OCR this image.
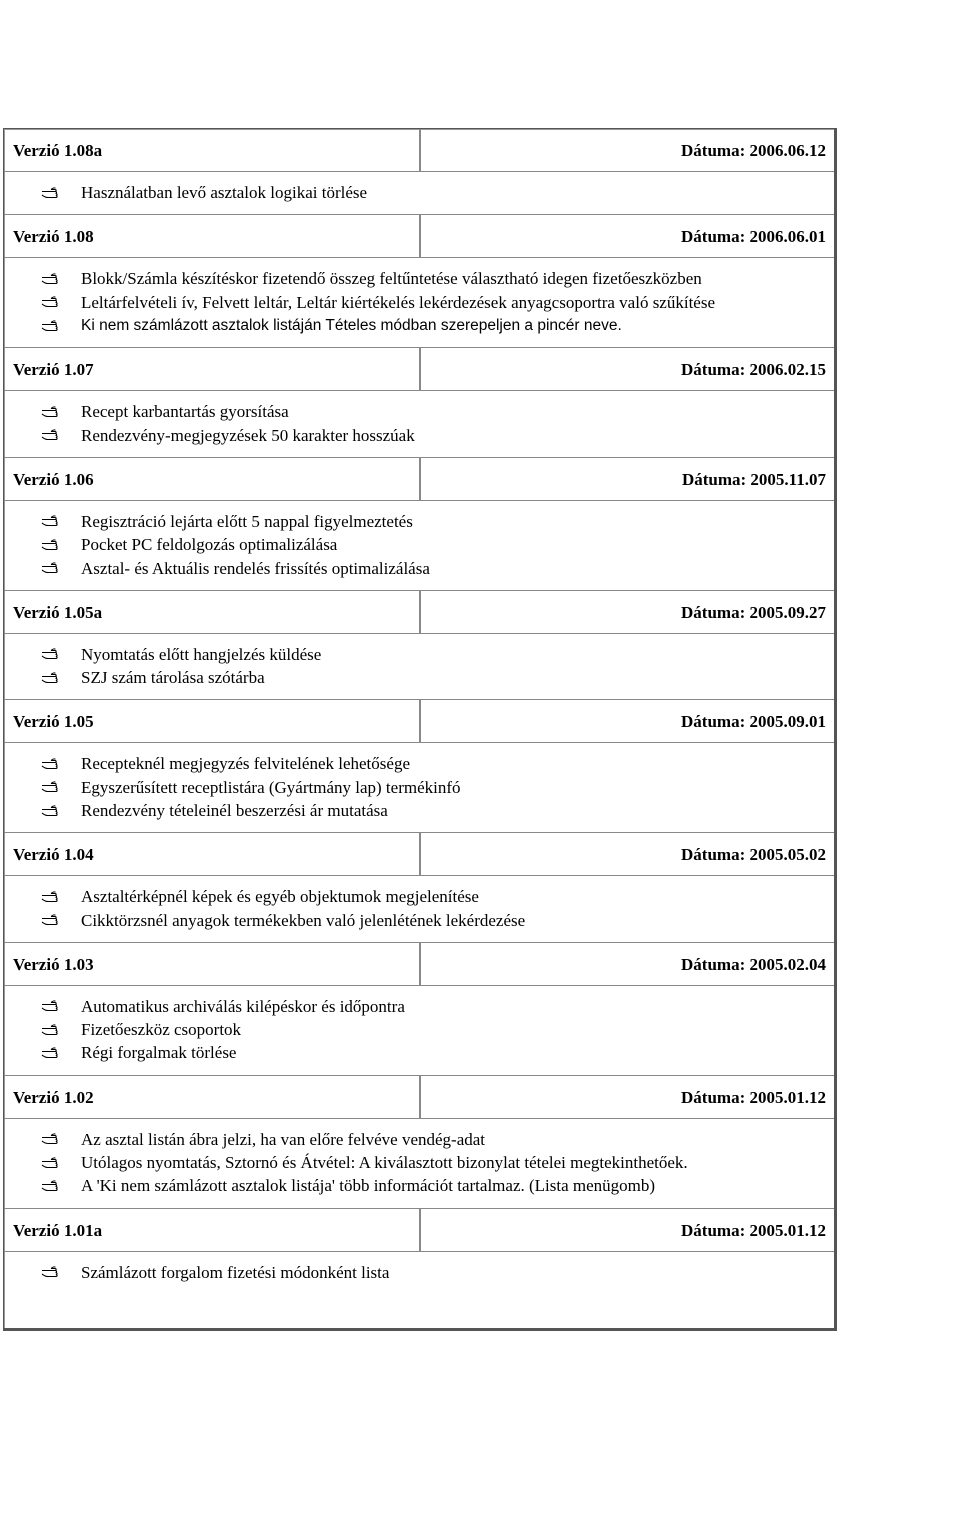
Verzió 1.08a	Dátuma: 2006.06.12
Használatban levő asztalok logikai törlése
Verzió 1.08	Dátuma: 2006.06.01
Blokk/Számla készítéskor fizetendő összeg feltűntetése választható idegen fizetőeszközben
Leltárfelvételi ív, Felvett leltár, Leltár kiértékelés lekérdezések anyagcsoportra való szűkítése
Ki nem számlázott asztalok listáján Tételes módban szerepeljen a pincér neve.
Verzió 1.07	Dátuma: 2006.02.15
Recept karbantartás gyorsítása
Rendezvény-megjegyzések 50 karakter hosszúak
Verzió 1.06	Dátuma: 2005.11.07
Regisztráció lejárta előtt 5 nappal figyelmeztetés
Pocket PC feldolgozás optimalizálása
Asztal- és Aktuális rendelés frissítés optimalizálása
Verzió 1.05a	Dátuma: 2005.09.27
Nyomtatás előtt hangjelzés küldése
SZJ szám tárolása szótárba
Verzió 1.05	Dátuma: 2005.09.01
Recepteknél megjegyzés felvitelének lehetősége
Egyszerűsített receptlistára (Gyártmány lap) termékinfó
Rendezvény tételeinél beszerzési ár mutatása
Verzió 1.04	Dátuma: 2005.05.02
Asztaltérképnél képek és egyéb objektumok megjelenítése
Cikktörzsnél anyagok termékekben való jelenlétének lekérdezése
Verzió 1.03	Dátuma: 2005.02.04
Automatikus archiválás kilépéskor és időpontra
Fizetőeszköz csoportok
Régi forgalmak törlése
Verzió 1.02	Dátuma: 2005.01.12
Az asztal listán ábra jelzi, ha van előre felvéve vendég-adat
Utólagos nyomtatás, Sztornó és Átvétel: A kiválasztott bizonylat tételei megtekinthetőek.
A 'Ki nem számlázott asztalok listája' több információt tartalmaz. (Lista menügomb)
Verzió 1.01a	Dátuma: 2005.01.12
Számlázott forgalom fizetési módonként lista
